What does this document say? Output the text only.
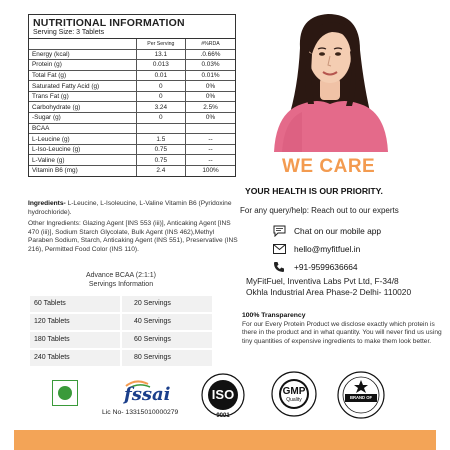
NUTRITIONAL INFORMATION
Serving Size: 3 Tablets
	Per Serving	#%RDA
Energy (kcal)	13.1	.0.66%
Protein (g)	0.013	0.03%
Total Fat (g)	0.01	0.01%
Saturated Fatty Acid (g)	0	0%
Trans Fat (g)	0	0%
Carbohydrate (g)	3.24	2.5%
-Sugar (g)	0	0%
BCAA		
L-Leucine (g)	1.5	--
L-Iso-Leucine (g)	0.75	--
L-Valine (g)	0.75	--
Vitamin B6 (mg)	2.4	100%

Ingredients- L-Leucine, L-Isoleucine, L-Valine Vitamin B6 (Pyridoxine hydrochloride).

Other Ingredients: Glazing Agent [INS 553 (iii)], Anticaking Agent [INS 470 (iii)], Sodium Starch Glycolate, Bulk Agent (INS 462),Methyl Paraben Sodium, Starch, Anticaking Agent (INS 551), Preservative (INS 216), Permitted Food Color (INS 110).

Advance BCAA (2:1:1)
Servings Information
60 Tablets	20 Servings
120 Tablets	40 Servings
180 Tablets	60 Servings
240 Tablets	80 Servings
WE CARE
YOUR HEALTH IS OUR PRIORITY.
For any query/help: Reach out to our experts
Chat on our mobile app
hello@myfitfuel.in
+91-9599636664
MyFitFuel, Inventiva Labs Pvt Ltd, F-34/8
Okhla Industrial Area Phase-2 Delhi- 110020
100% Transparency
For our Every Protein Product we disclose exactly which protein is there in the product and in what quantity. You will never find us using tiny quantities of expensive ingredients to make them look better.
fssai
Lic No- 13315010000279
ISO
9001
GMP
Quality	BRAND OF TRUST
